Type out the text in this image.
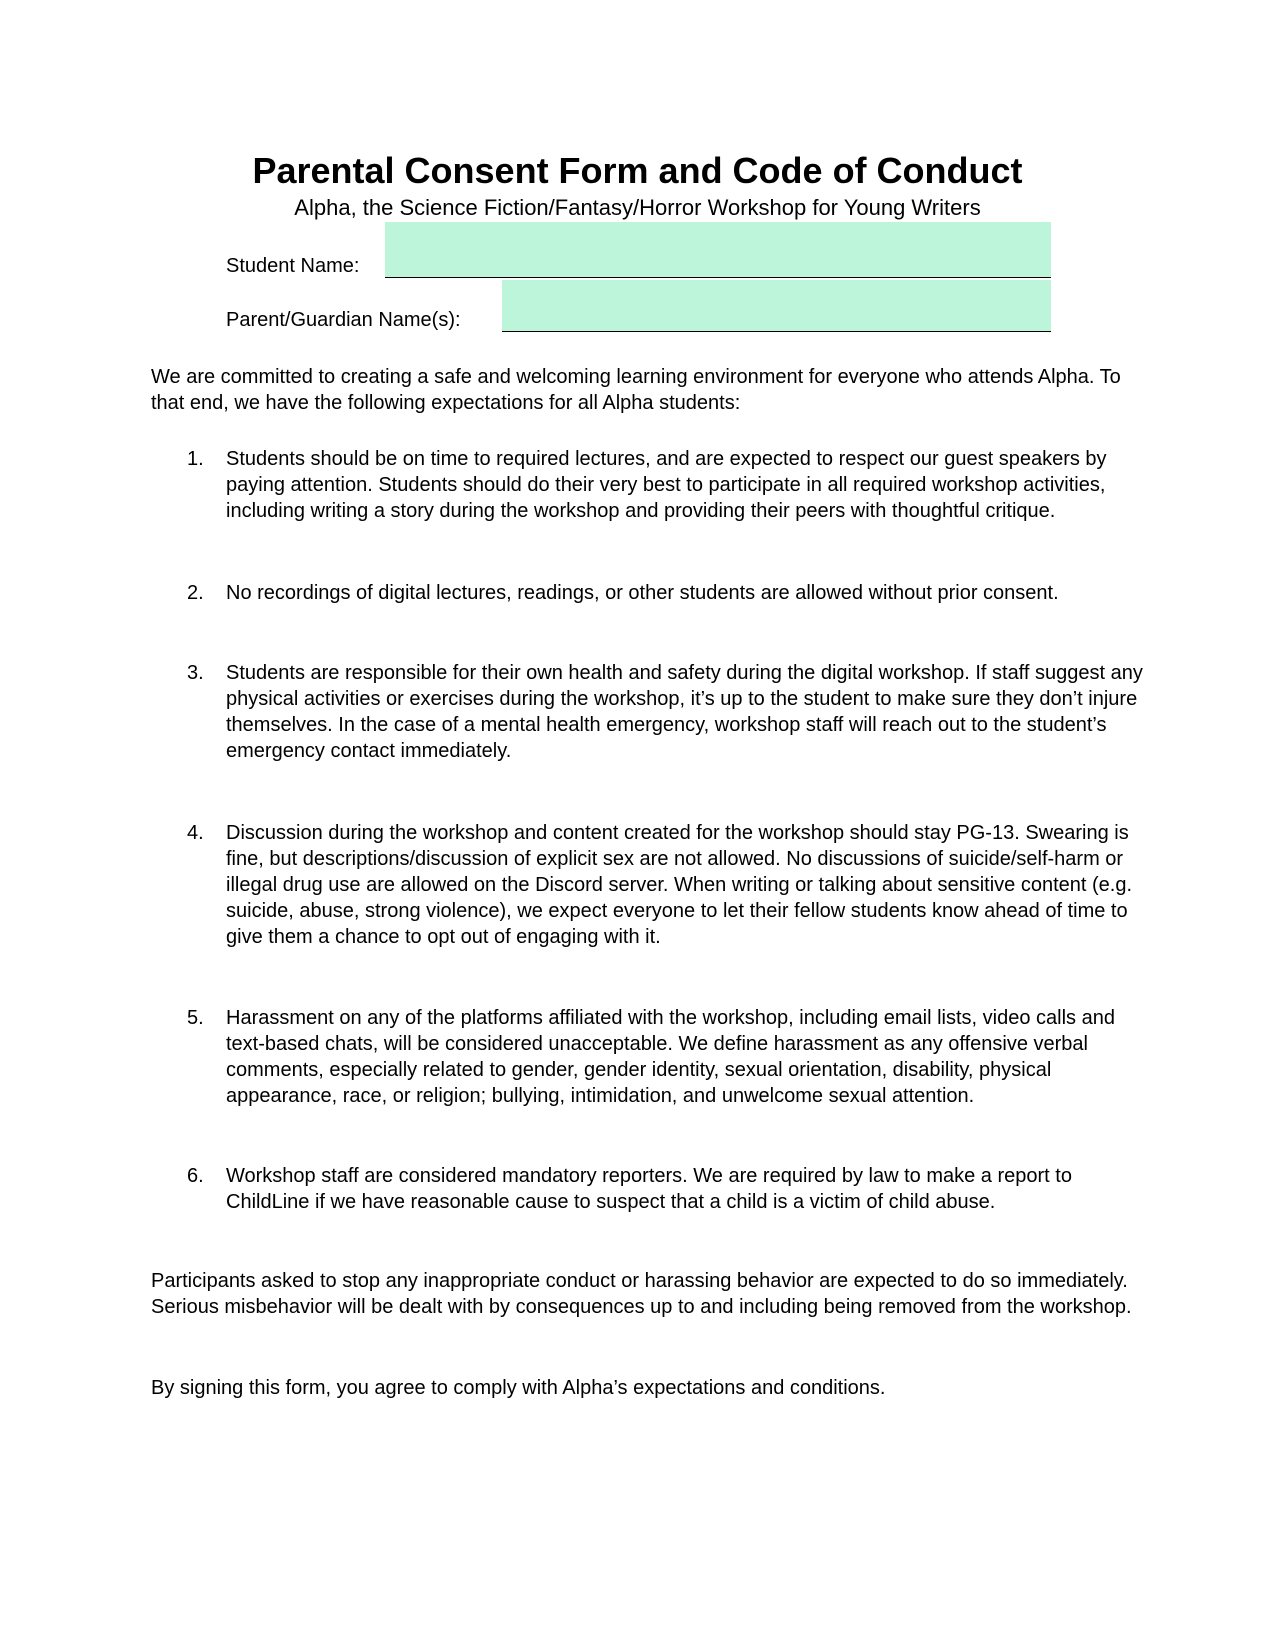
Parental Consent Form and Code of Conduct
Alpha, the Science Fiction/Fantasy/Horror Workshop for Young Writers
Student Name:
Parent/Guardian Name(s):

We are committed to creating a safe and welcoming learning environment for everyone who attends Alpha. To that end, we have the following expectations for all Alpha students:

1. Students should be on time to required lectures, and are expected to respect our guest speakers by paying attention. Students should do their very best to participate in all required workshop activities, including writing a story during the workshop and providing their peers with thoughtful critique.
2. No recordings of digital lectures, readings, or other students are allowed without prior consent.
3. Students are responsible for their own health and safety during the digital workshop. If staff suggest any physical activities or exercises during the workshop, it’s up to the student to make sure they don’t injure themselves. In the case of a mental health emergency, workshop staff will reach out to the student’s emergency contact immediately.
4. Discussion during the workshop and content created for the workshop should stay PG-13. Swearing is fine, but descriptions/discussion of explicit sex are not allowed. No discussions of suicide/self-harm or illegal drug use are allowed on the Discord server. When writing or talking about sensitive content (e.g. suicide, abuse, strong violence), we expect everyone to let their fellow students know ahead of time to give them a chance to opt out of engaging with it.
5. Harassment on any of the platforms affiliated with the workshop, including email lists, video calls and text-based chats, will be considered unacceptable. We define harassment as any offensive verbal comments, especially related to gender, gender identity, sexual orientation, disability, physical appearance, race, or religion; bullying, intimidation, and unwelcome sexual attention.
6. Workshop staff are considered mandatory reporters. We are required by law to make a report to ChildLine if we have reasonable cause to suspect that a child is a victim of child abuse.

Participants asked to stop any inappropriate conduct or harassing behavior are expected to do so immediately. Serious misbehavior will be dealt with by consequences up to and including being removed from the workshop.

By signing this form, you agree to comply with Alpha’s expectations and conditions.
